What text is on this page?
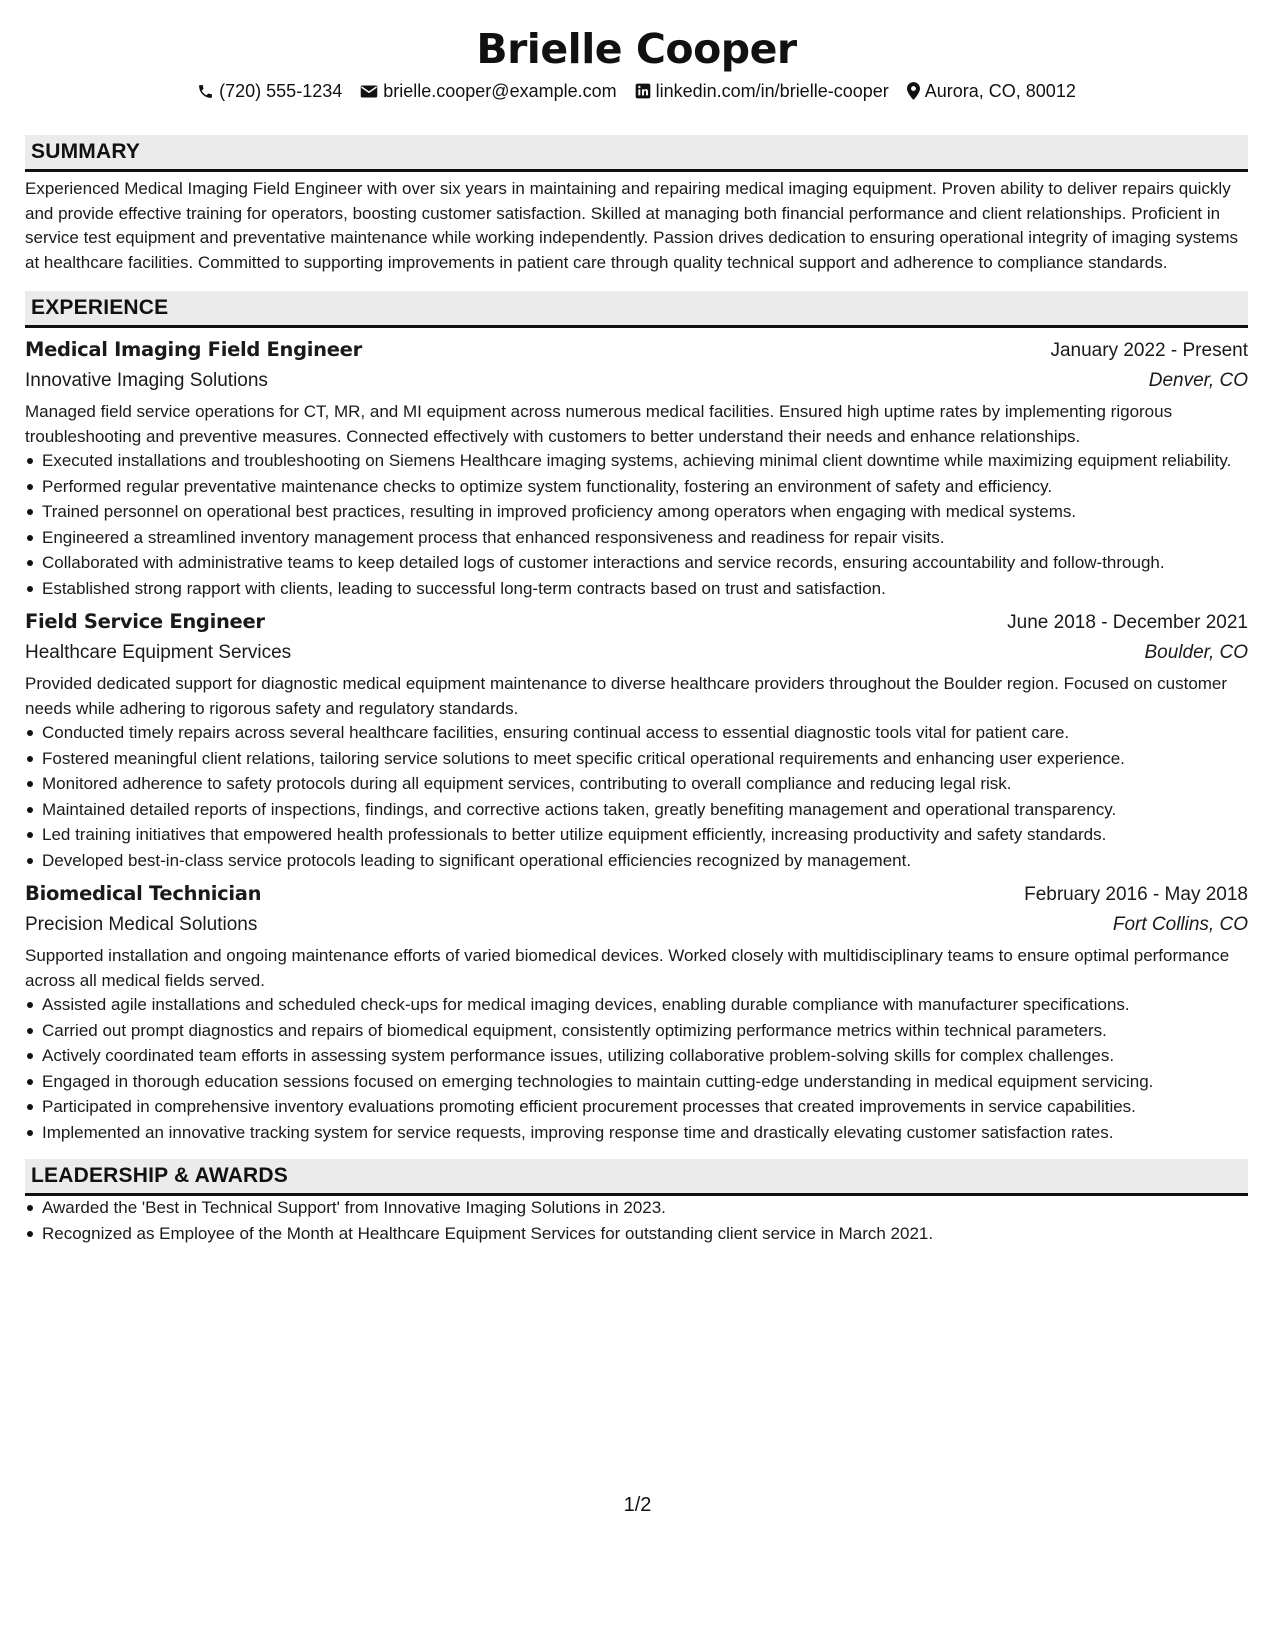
Brielle Cooper
(720) 555-1234 brielle.cooper@example.com linkedin.com/in/brielle-cooper Aurora, CO, 80012
SUMMARY

Experienced Medical Imaging Field Engineer with over six years in maintaining and repairing medical imaging equipment. Proven ability to deliver repairs quickly and provide effective training for operators, boosting customer satisfaction. Skilled at managing both financial performance and client relationships. Proficient in service test equipment and preventative maintenance while working independently. Passion drives dedication to ensuring operational integrity of imaging systems at healthcare facilities. Committed to supporting improvements in patient care through quality technical support and adherence to compliance standards.

EXPERIENCE
Medical Imaging Field Engineer	January 2022 - Present
Innovative Imaging Solutions	Denver, CO

Managed field service operations for CT, MR, and MI equipment across numerous medical facilities. Ensured high uptime rates by implementing rigorous troubleshooting and preventive measures. Connected effectively with customers to better understand their needs and enhance relationships.

Executed installations and troubleshooting on Siemens Healthcare imaging systems, achieving minimal client downtime while maximizing equipment reliability.
Performed regular preventative maintenance checks to optimize system functionality, fostering an environment of safety and efficiency.
Trained personnel on operational best practices, resulting in improved proficiency among operators when engaging with medical systems.
Engineered a streamlined inventory management process that enhanced responsiveness and readiness for repair visits.
Collaborated with administrative teams to keep detailed logs of customer interactions and service records, ensuring accountability and follow-through.
Established strong rapport with clients, leading to successful long-term contracts based on trust and satisfaction.
Field Service Engineer	June 2018 - December 2021
Healthcare Equipment Services	Boulder, CO

Provided dedicated support for diagnostic medical equipment maintenance to diverse healthcare providers throughout the Boulder region. Focused on customer needs while adhering to rigorous safety and regulatory standards.

Conducted timely repairs across several healthcare facilities, ensuring continual access to essential diagnostic tools vital for patient care.
Fostered meaningful client relations, tailoring service solutions to meet specific critical operational requirements and enhancing user experience.
Monitored adherence to safety protocols during all equipment services, contributing to overall compliance and reducing legal risk.
Maintained detailed reports of inspections, findings, and corrective actions taken, greatly benefiting management and operational transparency.
Led training initiatives that empowered health professionals to better utilize equipment efficiently, increasing productivity and safety standards.
Developed best-in-class service protocols leading to significant operational efficiencies recognized by management.
Biomedical Technician	February 2016 - May 2018
Precision Medical Solutions	Fort Collins, CO

Supported installation and ongoing maintenance efforts of varied biomedical devices. Worked closely with multidisciplinary teams to ensure optimal performance across all medical fields served.

Assisted agile installations and scheduled check-ups for medical imaging devices, enabling durable compliance with manufacturer specifications.
Carried out prompt diagnostics and repairs of biomedical equipment, consistently optimizing performance metrics within technical parameters.
Actively coordinated team efforts in assessing system performance issues, utilizing collaborative problem-solving skills for complex challenges.
Engaged in thorough education sessions focused on emerging technologies to maintain cutting-edge understanding in medical equipment servicing.
Participated in comprehensive inventory evaluations promoting efficient procurement processes that created improvements in service capabilities.
Implemented an innovative tracking system for service requests, improving response time and drastically elevating customer satisfaction rates.
LEADERSHIP & AWARDS
Awarded the 'Best in Technical Support' from Innovative Imaging Solutions in 2023.
Recognized as Employee of the Month at Healthcare Equipment Services for outstanding client service in March 2021.
1/2
